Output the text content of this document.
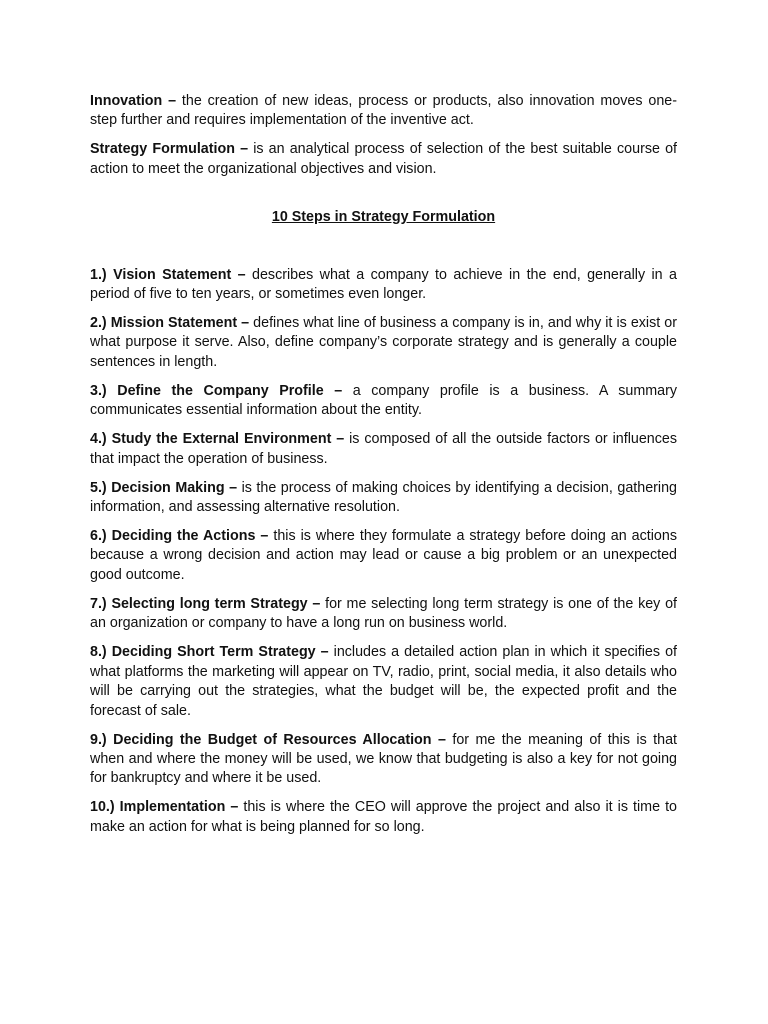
Innovation – the creation of new ideas, process or products, also innovation moves one-step further and requires implementation of the inventive act.

Strategy Formulation – is an analytical process of selection of the best suitable course of action to meet the organizational objectives and vision.

10 Steps in Strategy Formulation

1.) Vision Statement – describes what a company to achieve in the end, generally in a period of five to ten years, or sometimes even longer.

2.) Mission Statement – defines what line of business a company is in, and why it is exist or what purpose it serve. Also, define company’s corporate strategy and is generally a couple sentences in length.

3.) Define the Company Profile – a company profile is a business. A summary communicates essential information about the entity.

4.) Study the External Environment – is composed of all the outside factors or influences that impact the operation of business.

5.) Decision Making – is the process of making choices by identifying a decision, gathering information, and assessing alternative resolution.

6.) Deciding the Actions – this is where they formulate a strategy before doing an actions because a wrong decision and action may lead or cause a big problem or an unexpected good outcome.

7.) Selecting long term Strategy – for me selecting long term strategy is one of the key of an organization or company to have a long run on business world.

8.) Deciding Short Term Strategy – includes a detailed action plan in which it specifies of what platforms the marketing will appear on TV, radio, print, social media, it also details who will be carrying out the strategies, what the budget will be, the expected profit and the forecast of sale.

9.) Deciding the Budget of Resources Allocation – for me the meaning of this is that when and where the money will be used, we know that budgeting is also a key for not going for bankruptcy and where it be used.

10.) Implementation – this is where the CEO will approve the project and also it is time to make an action for what is being planned for so long.
